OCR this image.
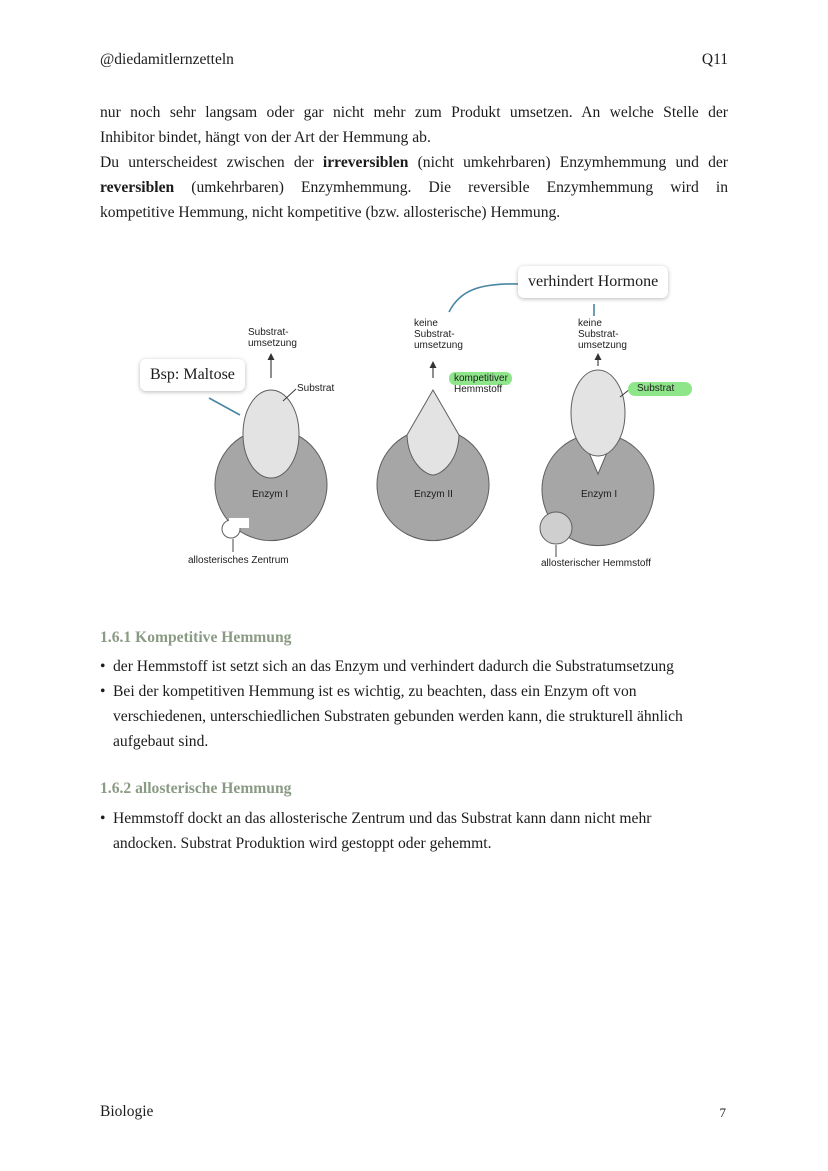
@diedamitlernzetteln	Q11
nur noch sehr langsam oder gar nicht mehr zum Produkt umsetzen. An welche Stelle der
Inhibitor bindet, hängt von der Art der Hemmung ab.
Du unterscheidest zwischen der irreversiblen (nicht umkehrbaren) Enzymhemmung und der
reversiblen (umkehrbaren) Enzymhemmung. Die reversible Enzymhemmung wird in
kompetitive Hemmung, nicht kompetitive (bzw. allosterische) Hemmung.
verhindert Hormone
Bsp: Maltose
Substrat-
umsetzung
Substrat
Enzym I
allosterisches Zentrum
keine
Substrat-
umsetzung
kompetitiver
Hemmstoff
Enzym II
keine
Substrat-
umsetzung
Substrat
Enzym I
allosterischer Hemmstoff
1.6.1 Kompetitive Hemmung
• der Hemmstoff ist setzt sich an das Enzym und verhindert dadurch die Substratumsetzung
• Bei der kompetitiven Hemmung ist es wichtig, zu beachten, dass ein Enzym oft von
verschiedenen, unterschiedlichen Substraten gebunden werden kann, die strukturell ähnlich
aufgebaut sind.
1.6.2 allosterische Hemmung
• Hemmstoff dockt an das allosterische Zentrum und das Substrat kann dann nicht mehr
andocken. Substrat Produktion wird gestoppt oder gehemmt.
Biologie	7
